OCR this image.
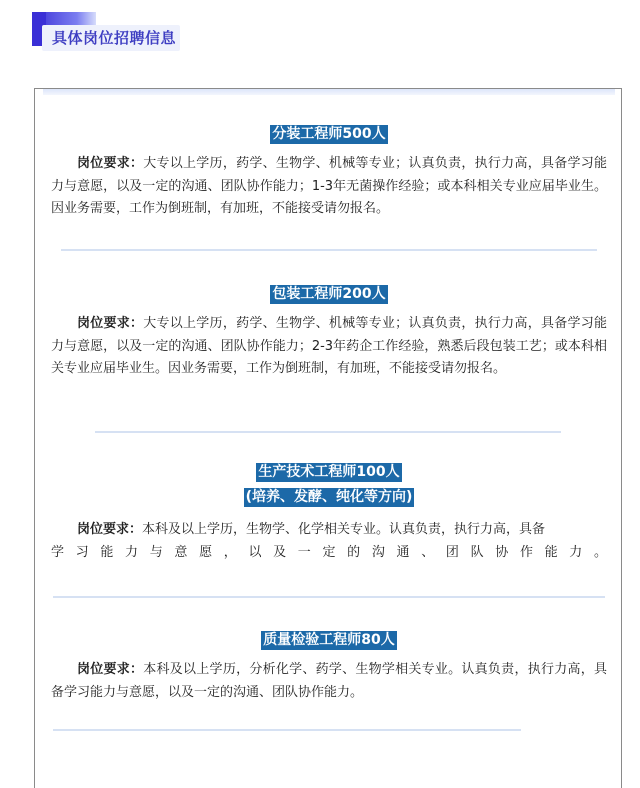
具体岗位招聘信息
分装工程师500人

岗位要求：大专以上学历，药学、生物学、机械等专业；认真负责，执行力高，具备学习能力与意愿，以及一定的沟通、团队协作能力；1-3年无菌操作经验；或本科相关专业应届毕业生。因业务需要，工作为倒班制，有加班，不能接受请勿报名。

包装工程师200人

岗位要求：大专以上学历，药学、生物学、机械等专业；认真负责，执行力高，具备学习能力与意愿，以及一定的沟通、团队协作能力；2-3年药企工作经验，熟悉后段包装工艺；或本科相关专业应届毕业生。因业务需要，工作为倒班制，有加班，不能接受请勿报名。

生产技术工程师100人
(培养、发酵、纯化等方向)

岗位要求：本科及以上学历，生物学、化学相关专业。认真负责，执行力高，具备

学习能力与意愿，以及一定的沟通、团队协作能力。

质量检验工程师80人

岗位要求：本科及以上学历，分析化学、药学、生物学相关专业。认真负责，执行力高，具备学习能力与意愿，以及一定的沟通、团队协作能力。
